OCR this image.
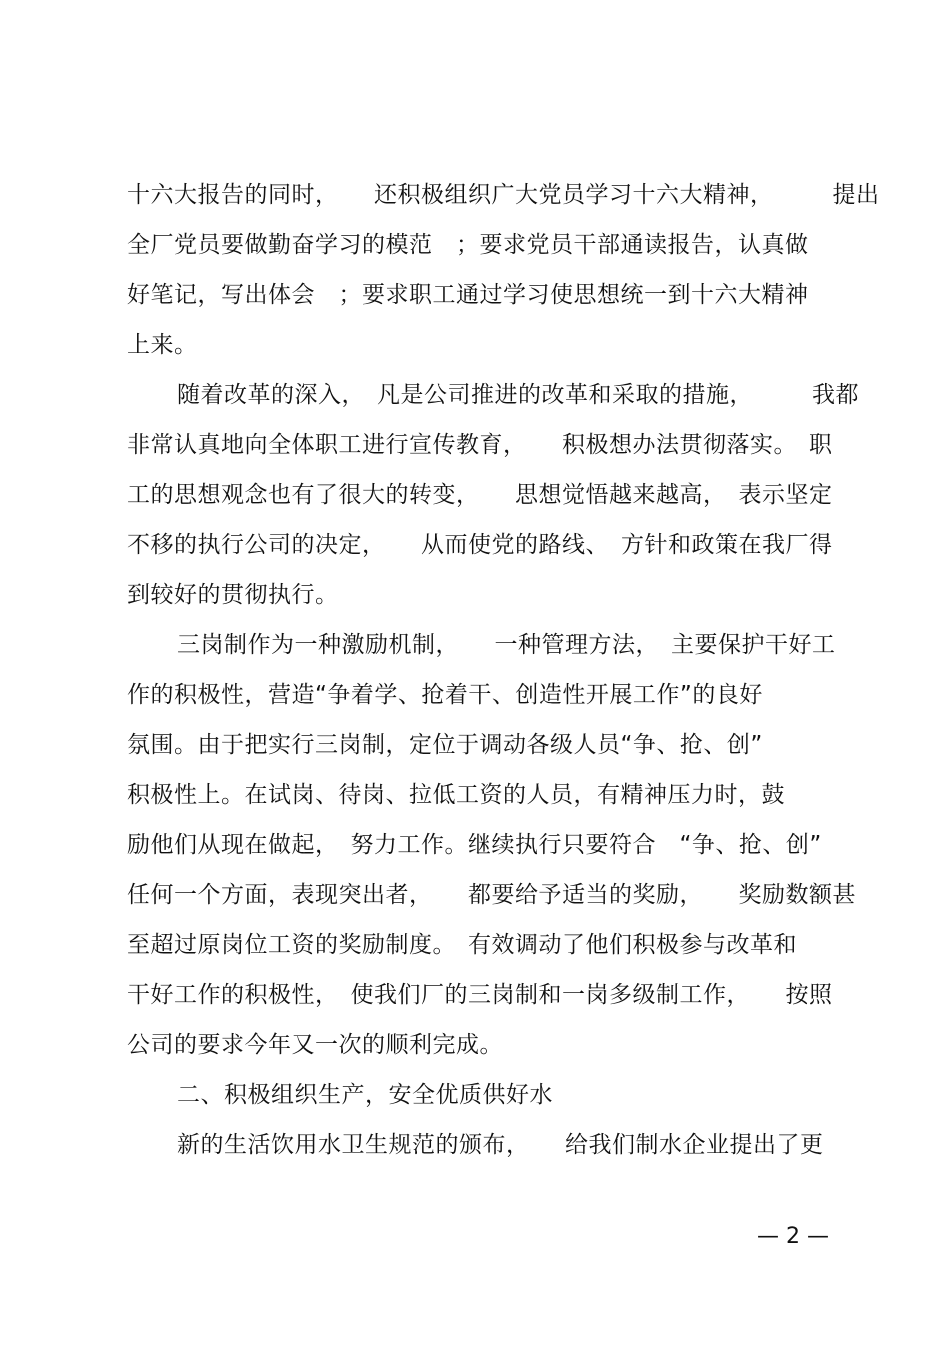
十六大报告的同时，　　还积极组织广大党员学习十六大精神，　　　提出
全厂党员要做勤奋学习的模范　；要求党员干部通读报告，认真做
好笔记，写出体会　；要求职工通过学习使思想统一到十六大精神
上来。
随着改革的深入，　凡是公司推进的改革和采取的措施，　　　我都
非常认真地向全体职工进行宣传教育，　　积极想办法贯彻落实。　职
工的思想观念也有了很大的转变，　　思想觉悟越来越高，　表示坚定
不移的执行公司的决定，　　从而使党的路线、　方针和政策在我厂得
到较好的贯彻执行。
三岗制作为一种激励机制，　　一种管理方法，　主要保护干好工
作的积极性，营造“争着学、抢着干、创造性开展工作”的良好
氛围。由于把实行三岗制，定位于调动各级人员“争、抢、创”
积极性上。在试岗、待岗、拉低工资的人员，有精神压力时，鼓
励他们从现在做起，　努力工作。继续执行只要符合　“争、抢、创”
任何一个方面，表现突出者，　　都要给予适当的奖励，　　奖励数额甚
至超过原岗位工资的奖励制度。　有效调动了他们积极参与改革和
干好工作的积极性，　使我们厂的三岗制和一岗多级制工作，　　按照
公司的要求今年又一次的顺利完成。
二、积极组织生产，安全优质供好水
新的生活饮用水卫生规范的颁布，　　给我们制水企业提出了更
— 2 —
